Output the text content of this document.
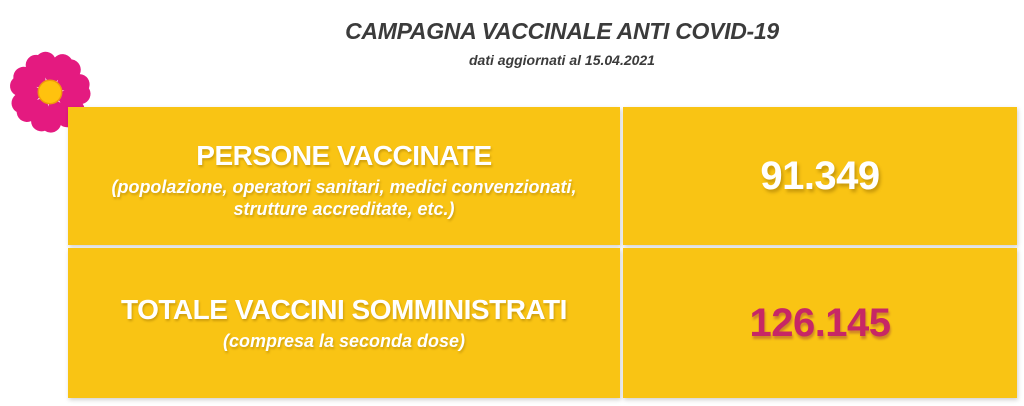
CAMPAGNA VACCINALE ANTI COVID-19
dati aggiornati al 15.04.2021
PERSONE VACCINATE
(popolazione, operatori sanitari, medici convenzionati, strutture accreditate, etc.)
91.349
TOTALE VACCINI SOMMINISTRATI
(compresa la seconda dose)	126.145
